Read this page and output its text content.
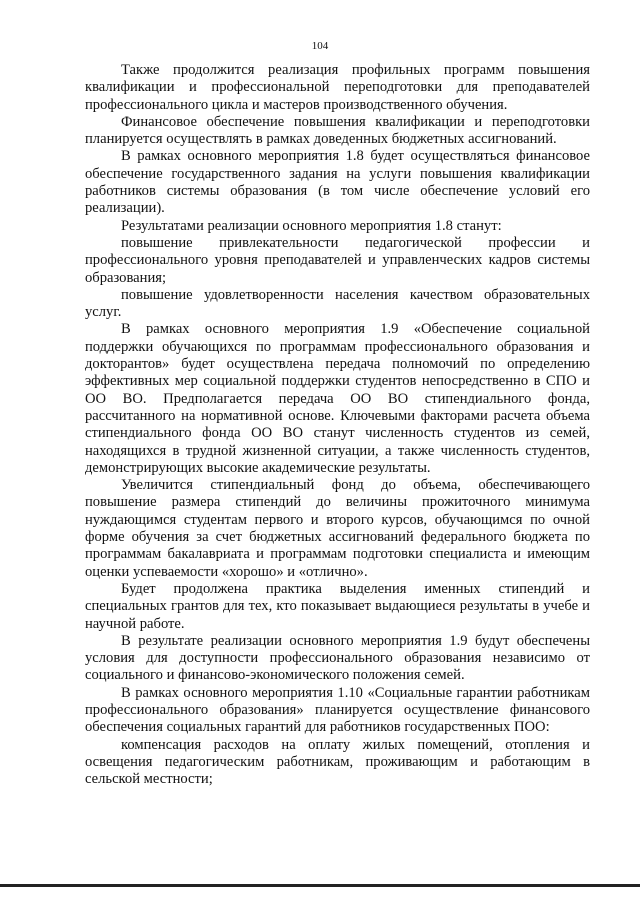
104

Также продолжится реализация профильных программ повышения квалификации и профессиональной переподготовки для преподавателей профессионального цикла и мастеров производственного обучения.

Финансовое обеспечение повышения квалификации и переподготовки планируется осуществлять в рамках доведенных бюджетных ассигнований.

В рамках основного мероприятия 1.8 будет осуществляться финансовое обеспечение государственного задания на услуги повышения квалификации работников системы образования (в том числе обеспечение условий его реализации).

Результатами реализации основного мероприятия 1.8 станут:

повышение привлекательности педагогической профессии и профессионального уровня преподавателей и управленческих кадров системы образования;

повышение удовлетворенности населения качеством образовательных услуг.

В рамках основного мероприятия 1.9 «Обеспечение социальной поддержки обучающихся по программам профессионального образования и докторантов» будет осуществлена передача полномочий по определению эффективных мер социальной поддержки студентов непосредственно в СПО и ОО ВО. Предполагается передача ОО ВО стипендиального фонда, рассчитанного на нормативной основе. Ключевыми факторами расчета объема стипендиального фонда ОО ВО станут численность студентов из семей, находящихся в трудной жизненной ситуации, а также численность студентов, демонстрирующих высокие академические результаты.

Увеличится стипендиальный фонд до объема, обеспечивающего повышение размера стипендий до величины прожиточного минимума нуждающимся студентам первого и второго курсов, обучающимся по очной форме обучения за счет бюджетных ассигнований федерального бюджета по программам бакалавриата и программам подготовки специалиста и имеющим оценки успеваемости «хорошо» и «отлично».

Будет продолжена практика выделения именных стипендий и специальных грантов для тех, кто показывает выдающиеся результаты в учебе и научной работе.

В результате реализации основного мероприятия 1.9 будут обеспечены условия для доступности профессионального образования независимо от социального и финансово-экономического положения семей.

В рамках основного мероприятия 1.10 «Социальные гарантии работникам профессионального образования» планируется осуществление финансового обеспечения социальных гарантий для работников государственных ПОО:

компенсация расходов на оплату жилых помещений, отопления и освещения педагогическим работникам, проживающим и работающим в сельской местности;
